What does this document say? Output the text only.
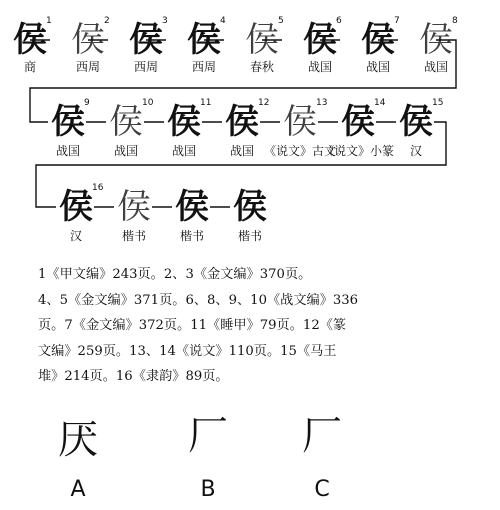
侯 1
商
侯 2
西周
侯 3
西周
侯 4
西周
侯 5
春秋
侯 6
战国
侯 7
战国
侯 8
战国
侯 9
战国
侯 10
战国
侯 11
战国
侯 12
战国
侯 13
《说文》古文
侯 14
《说文》小篆
侯 15
汉
侯 16
汉
侯
楷书
侯
楷书
侯
楷书
1《甲文编》243页。2、3《金文编》370页。
4、5《金文编》371页。6、8、9、10《战文编》336
页。7《金文编》372页。11《睡甲》79页。12《篆
文编》259页。13、14《说文》110页。15《马王
堆》214页。16《隶韵》89页。
厌 厂 厂
A	B	C
